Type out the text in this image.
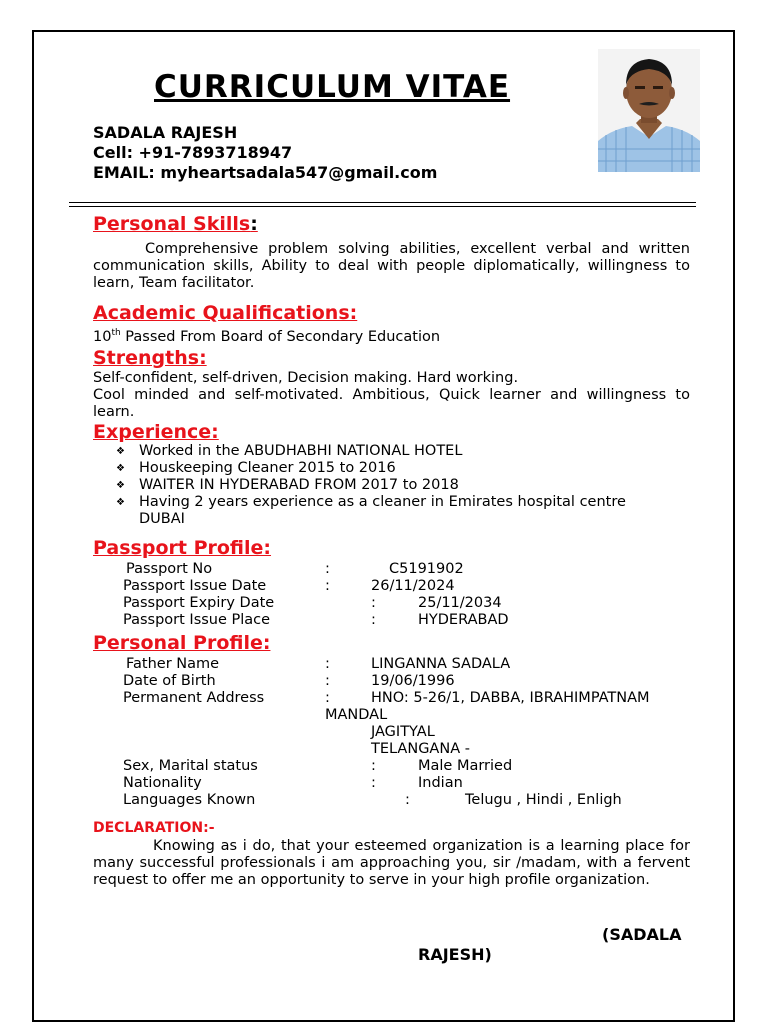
CURRICULUM VITAE
SADALA RAJESH
Cell: +91-7893718947
EMAIL: myheartsadala547@gmail.com
Personal Skills:
Comprehensive problem solving abilities, excellent verbal and written communication skills, Ability to deal with people diplomatically, willingness to learn, Team facilitator.
Academic Qualifications:
10th Passed From Board of Secondary Education
Strengths:
Self-confident, self-driven, Decision making. Hard working.
Cool minded and self-motivated. Ambitious, Quick learner and willingness to learn.
Experience:
❖ Worked in the ABUDHABHI NATIONAL HOTEL
❖ Houskeeping Cleaner 2015 to 2016
❖ WAITER IN HYDERABAD FROM 2017 to 2018
❖ Having 2 years experience as a cleaner in Emirates hospital centre
DUBAI
Passport Profile:
Passport No	:	C5191902
Passport Issue Date	:	26/11/2024
Passport Expiry Date	:	25/11/2034
Passport Issue Place	:	HYDERABAD
Personal Profile:
Father Name	:	LINGANNA SADALA
Date of Birth	:	19/06/1996
Permanent Address	:	HNO: 5-26/1, DABBA, IBRAHIMPATNAM
MANDAL
JAGITYAL
TELANGANA -
Sex, Marital status	:	Male Married
Nationality	:	Indian
Languages Known	:	Telugu , Hindi , Enligh
DECLARATION:-
Knowing as i do, that your esteemed organization is a learning place for many successful professionals i am approaching you, sir /madam, with a fervent request to offer me an opportunity to serve in your high profile organization.
(SADALA
RAJESH)
